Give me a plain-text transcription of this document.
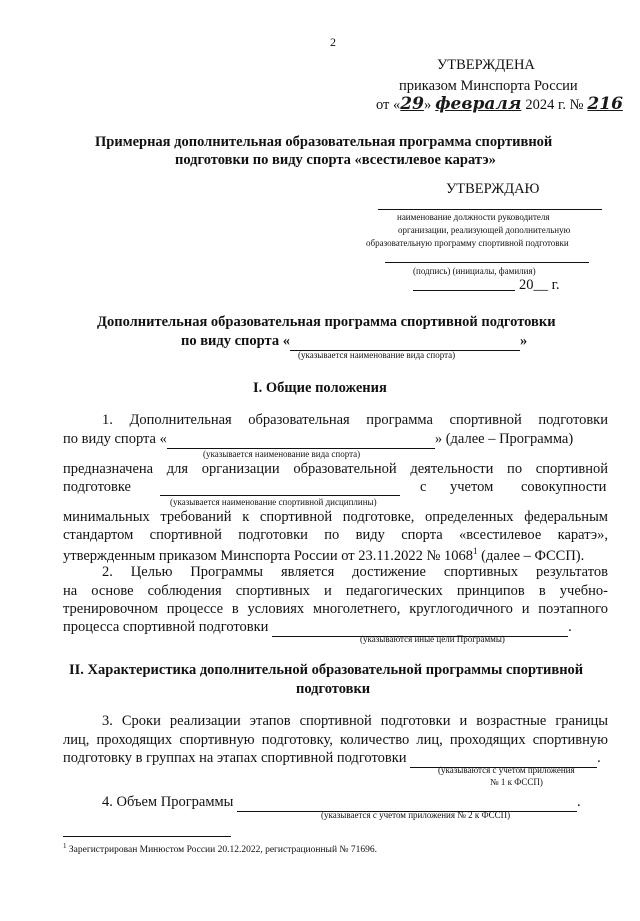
2
УТВЕРЖДЕНА
приказом Минспорта России
от «29» февраля 2024 г. № 216
Примерная дополнительная образовательная программа спортивной
подготовки по виду спорта «всестилевое каратэ»
УТВЕРЖДАЮ
наименование должности руководителя
организации, реализующей дополнительную
образовательную программу спортивной подготовки
(подпись) (инициалы, фамилия)
20__ г.
Дополнительная образовательная программа спортивной подготовки
по виду спорта «	»
(указывается наименование вида спорта)
I. Общие положения
1. Дополнительная образовательная программа спортивной подготовки
по виду спорта «	» (далее – Программа)
(указывается наименование вида спорта)
предназначена для организации образовательной деятельности по спортивной
подготовке	с учетом совокупности
(указывается наименование спортивной дисциплины)
минимальных требований к спортивной подготовке, определенных федеральным
стандартом спортивной подготовки по виду спорта «всестилевое каратэ»,
утвержденным приказом Минспорта России от 23.11.2022 № 1068$^1$ (далее – ФССП).
2. Целью Программы является достижение спортивных результатов
на основе соблюдения спортивных и педагогических принципов в учебно-
тренировочном процессе в условиях многолетнего, круглогодичного и поэтапного
процесса спортивной подготовки	.
(указываются иные цели Программы)
II. Характеристика дополнительной образовательной программы спортивной
подготовки
3. Сроки реализации этапов спортивной подготовки и возрастные границы
лиц, проходящих спортивную подготовку, количество лиц, проходящих спортивную
подготовку в группах на этапах спортивной подготовки	.
(указываются с учетом приложения
№ 1 к ФССП)
4. Объем Программы	.
(указывается с учетом приложения № 2 к ФССП)
$^1$ Зарегистрирован Минюстом России 20.12.2022, регистрационный № 71696.
